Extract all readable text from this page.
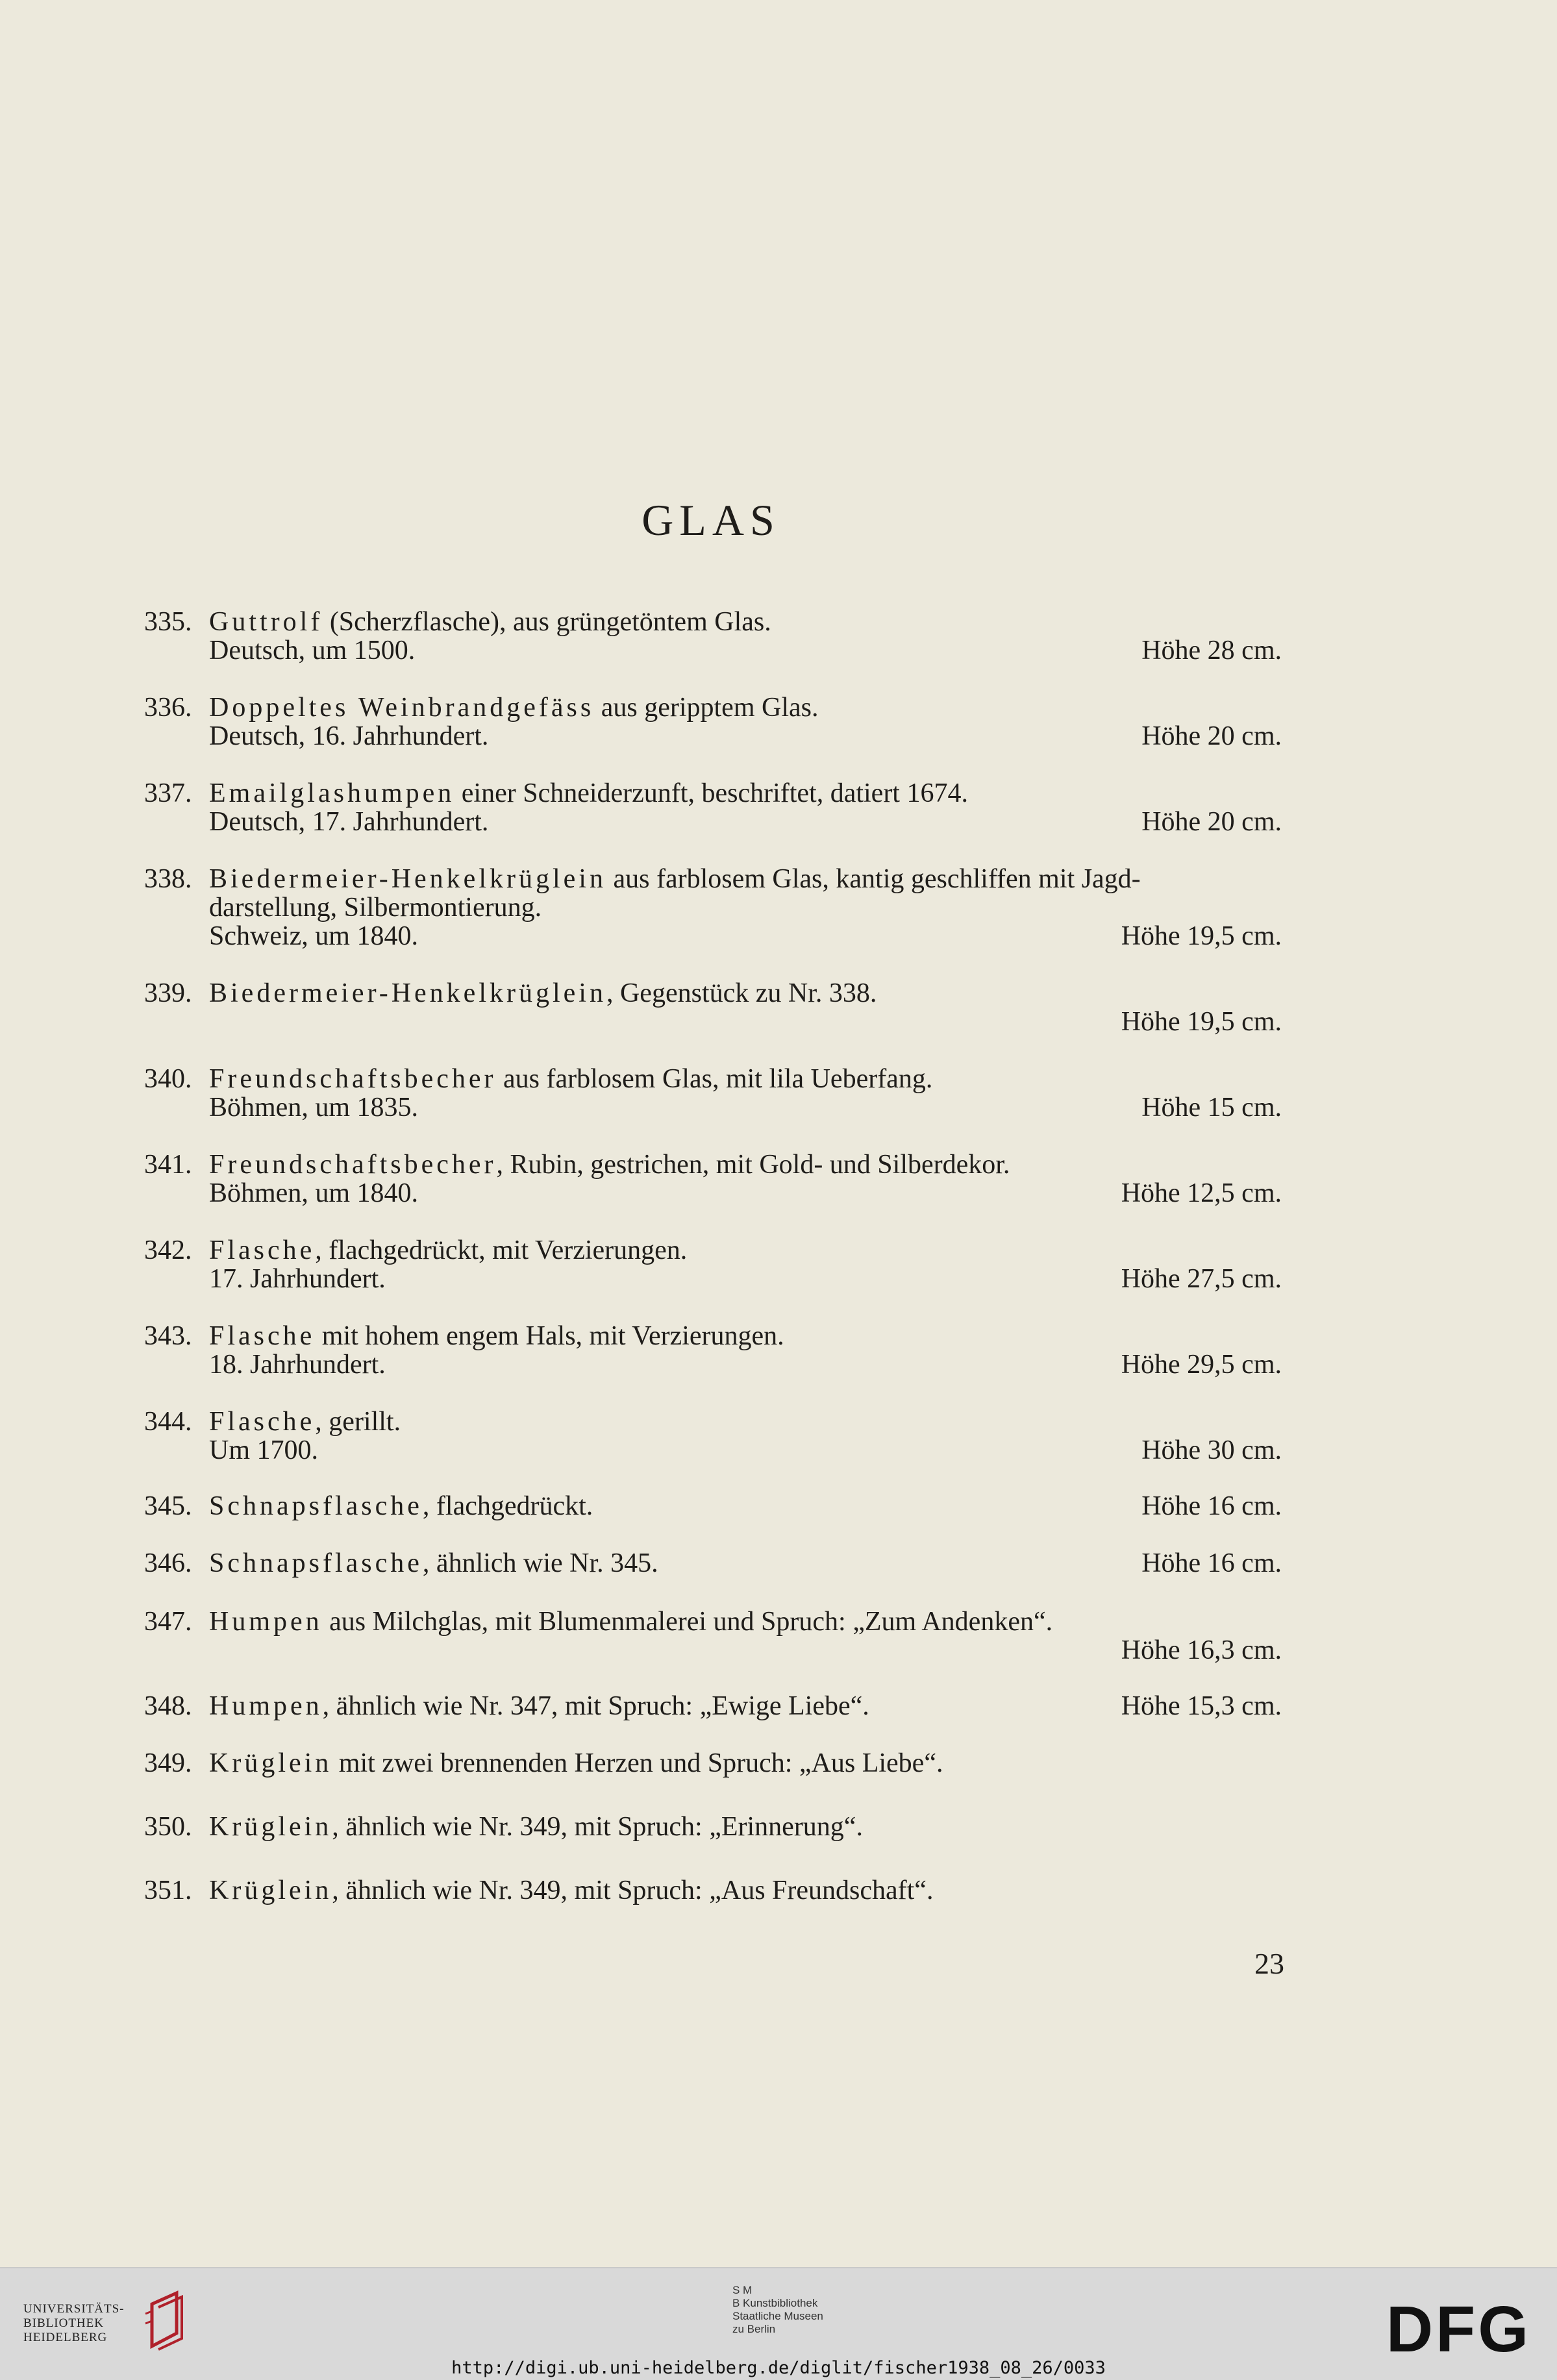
GLAS
335. Guttrolf (Scherzflasche), aus grüngetöntem Glas.
Deutsch, um 1500.	Höhe 28 cm.
336. Doppeltes Weinbrandgefäss aus geripptem Glas.
Deutsch, 16. Jahrhundert.	Höhe 20 cm.
337. Emailglashumpen einer Schneiderzunft, beschriftet, datiert 1674.
Deutsch, 17. Jahrhundert.	Höhe 20 cm.
338. Biedermeier-Henkelkrüglein aus farblosem Glas, kantig geschliffen mit Jagd-
darstellung, Silbermontierung.
Schweiz, um 1840.	Höhe 19,5 cm.
339. Biedermeier-Henkelkrüglein, Gegenstück zu Nr. 338.
Höhe 19,5 cm.
340. Freundschaftsbecher aus farblosem Glas, mit lila Ueberfang.
Böhmen, um 1835.	Höhe 15 cm.
341. Freundschaftsbecher, Rubin, gestrichen, mit Gold- und Silberdekor.
Böhmen, um 1840.	Höhe 12,5 cm.
342. Flasche, flachgedrückt, mit Verzierungen.
17. Jahrhundert.	Höhe 27,5 cm.
343. Flasche mit hohem engem Hals, mit Verzierungen.
18. Jahrhundert.	Höhe 29,5 cm.
344. Flasche, gerillt.
Um 1700.	Höhe 30 cm.
345. Schnapsflasche, flachgedrückt.	Höhe 16 cm.
346. Schnapsflasche, ähnlich wie Nr. 345.	Höhe 16 cm.
347. Humpen aus Milchglas, mit Blumenmalerei und Spruch: „Zum Andenken“.
Höhe 16,3 cm.
348. Humpen, ähnlich wie Nr. 347, mit Spruch: „Ewige Liebe“.	Höhe 15,3 cm.
349. Krüglein mit zwei brennenden Herzen und Spruch: „Aus Liebe“.
350. Krüglein, ähnlich wie Nr. 349, mit Spruch: „Erinnerung“.
351. Krüglein, ähnlich wie Nr. 349, mit Spruch: „Aus Freundschaft“.
23
UNIVERSITÄTS-
BIBLIOTHEK
HEIDELBERG
S M
B Kunstbibliothek
Staatliche Museen
zu Berlin	DFG
http://digi.ub.uni-heidelberg.de/diglit/fischer1938_08_26/0033
